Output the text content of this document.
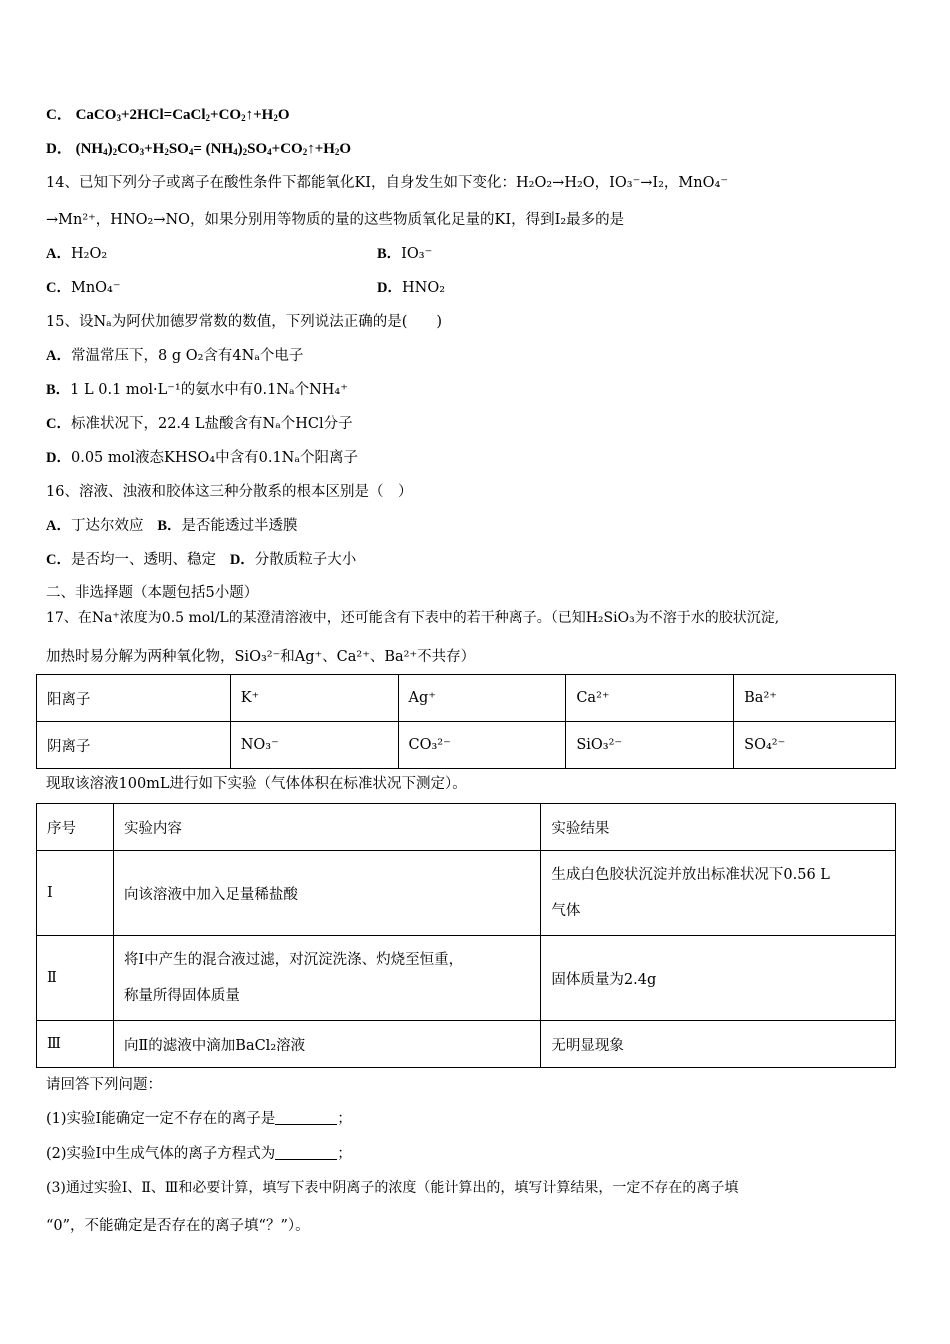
C． $CaCO_3+2HCl=CaCl_2+CO_2↑+H_2O$
D． $(NH_4)_2CO_3+H_2SO_4=$ $(NH_4)_2SO_4+CO_2↑+H_2O$
14、已知下列分子或离子在酸性条件下都能氧化KI，自身发生如下变化：H₂O₂→H₂O，IO₃⁻→I₂，MnO₄⁻
→Mn²⁺，HNO₂→NO，如果分别用等物质的量的这些物质氧化足量的KI，得到I₂最多的是
A．H₂O₂	B．IO₃⁻
C．MnO₄⁻	D．HNO₂
15、设Nₐ为阿伏加德罗常数的数值，下列说法正确的是(　　)
A．常温常压下，8 g O₂含有4Nₐ个电子
B．1 L 0.1 mol·L⁻¹的氨水中有0.1Nₐ个NH₄⁺
C．标准状况下，22.4 L盐酸含有Nₐ个HCl分子
D．0.05 mol液态KHSO₄中含有0.1Nₐ个阳离子
16、溶液、浊液和胶体这三种分散系的根本区别是（　）
A．丁达尔效应 B．是否能透过半透膜
C．是否均一、透明、稳定 D．分散质粒子大小
二、非选择题（本题包括5小题）
17、在Na⁺浓度为0.5 mol/L的某澄清溶液中，还可能含有下表中的若干种离子。（已知H₂SiO₃为不溶于水的胶状沉淀,
加热时易分解为两种氧化物，SiO₃²⁻和Ag⁺、Ca²⁺、Ba²⁺不共存）
阳离子	K⁺	Ag⁺	Ca²⁺	Ba²⁺
阴离子	NO₃⁻	CO₃²⁻	SiO₃²⁻	SO₄²⁻
现取该溶液100mL进行如下实验（气体体积在标准状况下测定）。
序号	实验内容	实验结果
Ⅰ	向该溶液中加入足量稀盐酸	生成白色胶状沉淀并放出标准状况下0.56 L
气体

Ⅱ	将Ⅰ中产生的混合液过滤，对沉淀洗涤、灼烧至恒重，
称量所得固体质量	固体质量为2.4g
Ⅲ	向Ⅱ的滤液中滴加BaCl₂溶液	无明显现象
请回答下列问题：
(1)实验Ⅰ能确定一定不存在的离子是	；
(2)实验Ⅰ中生成气体的离子方程式为	；
(3)通过实验Ⅰ、Ⅱ、Ⅲ和必要计算，填写下表中阴离子的浓度（能计算出的，填写计算结果，一定不存在的离子填
“0”，不能确定是否存在的离子填“？”）。
